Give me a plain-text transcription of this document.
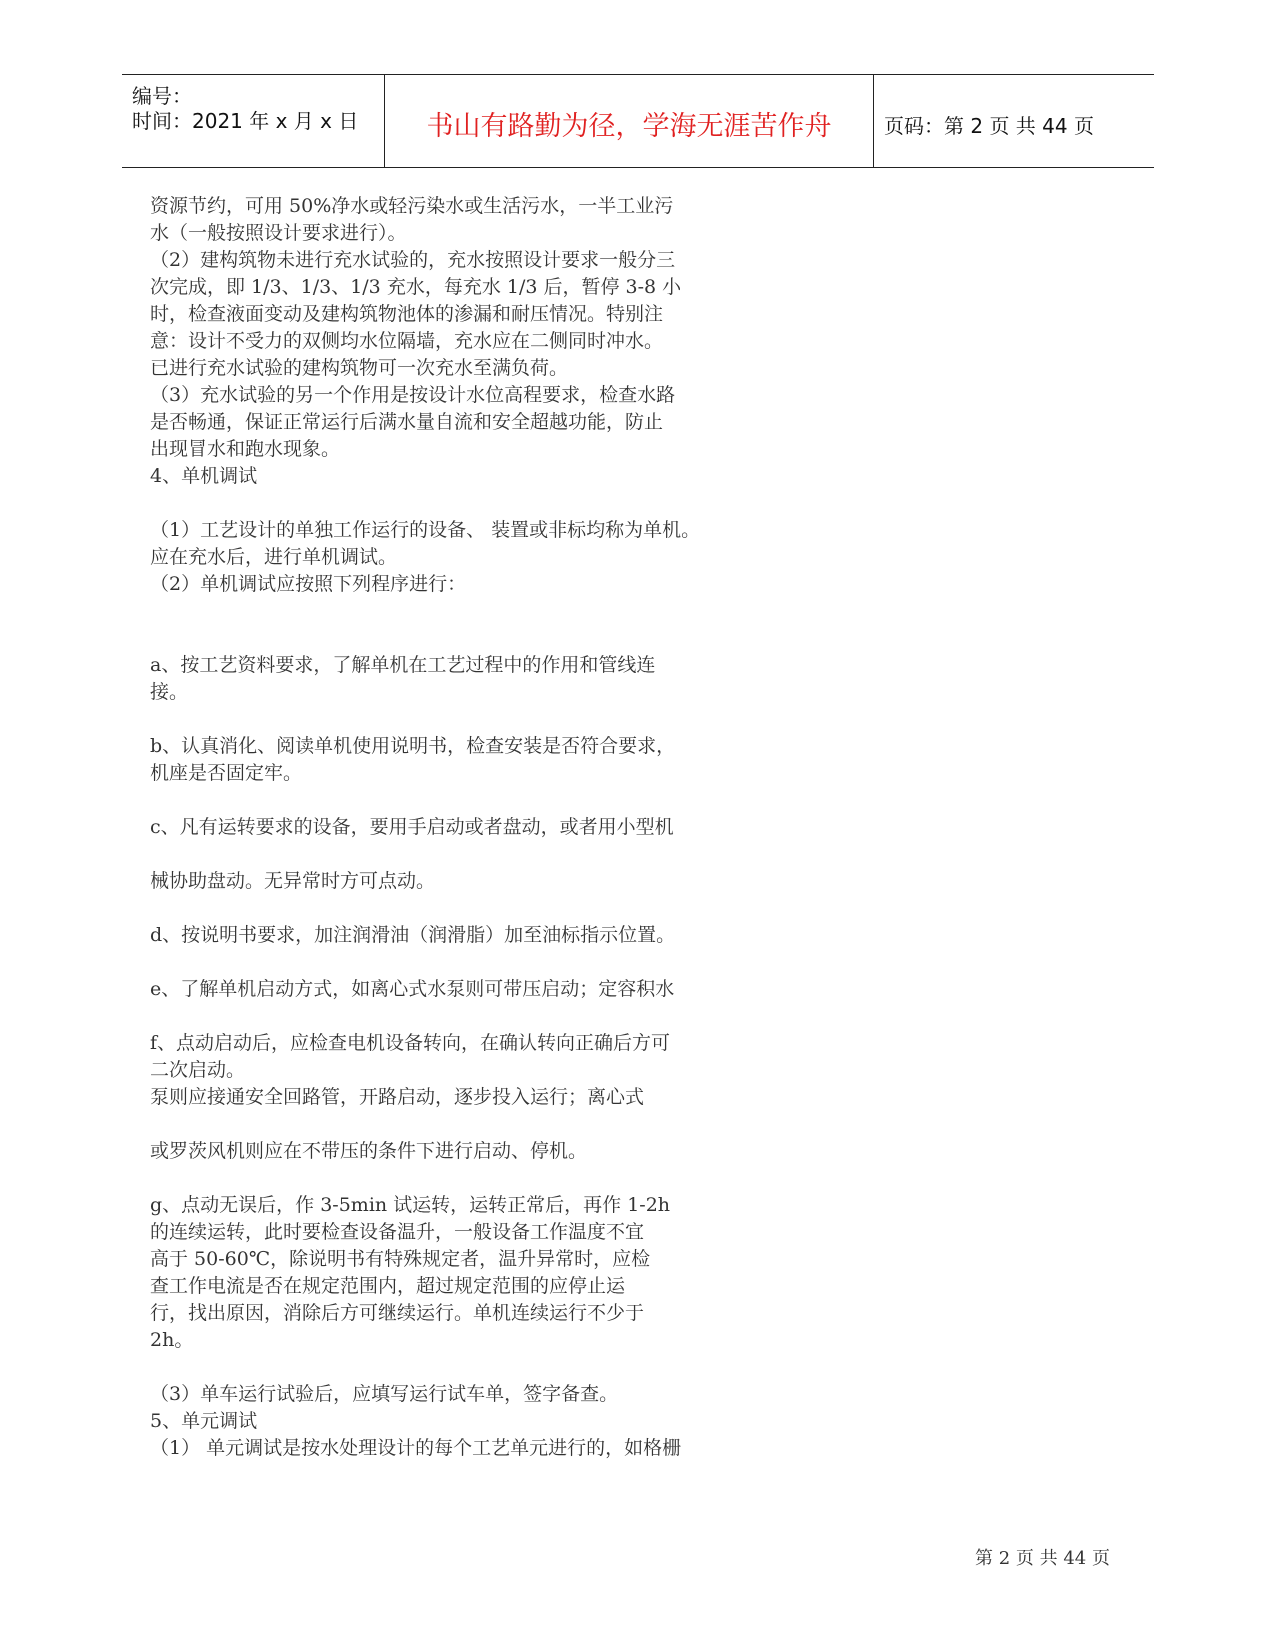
编号：
时间：2021 年 x 月 x 日	书山有路勤为径，学海无涯苦作舟	页码：第 2 页 共 44 页
资源节约，可用 50%净水或轻污染水或生活污水，一半工业污
水（一般按照设计要求进行）。
（2）建构筑物未进行充水试验的，充水按照设计要求一般分三
次完成，即 1/3、1/3、1/3 充水，每充水 1/3 后，暂停 3-8 小
时，检查液面变动及建构筑物池体的渗漏和耐压情况。特别注
意：设计不受力的双侧均水位隔墙，充水应在二侧同时冲水。
已进行充水试验的建构筑物可一次充水至满负荷。
（3）充水试验的另一个作用是按设计水位高程要求，检查水路
是否畅通，保证正常运行后满水量自流和安全超越功能，防止
出现冒水和跑水现象。
4、单机调试
（1）工艺设计的单独工作运行的设备、 装置或非标均称为单机。
应在充水后，进行单机调试。
（2）单机调试应按照下列程序进行：
a、按工艺资料要求，了解单机在工艺过程中的作用和管线连
接。
b、认真消化、阅读单机使用说明书，检查安装是否符合要求，
机座是否固定牢。
c、凡有运转要求的设备，要用手启动或者盘动，或者用小型机
械协助盘动。无异常时方可点动。
d、按说明书要求，加注润滑油（润滑脂）加至油标指示位置。
e、了解单机启动方式，如离心式水泵则可带压启动；定容积水
f、点动启动后，应检查电机设备转向，在确认转向正确后方可
二次启动。
泵则应接通安全回路管，开路启动，逐步投入运行；离心式
或罗茨风机则应在不带压的条件下进行启动、停机。
g、点动无误后，作 3-5min 试运转，运转正常后，再作 1-2h
的连续运转，此时要检查设备温升，一般设备工作温度不宜
高于 50-60℃，除说明书有特殊规定者，温升异常时，应检
查工作电流是否在规定范围内，超过规定范围的应停止运
行，找出原因，消除后方可继续运行。单机连续运行不少于
2h。
（3）单车运行试验后，应填写运行试车单，签字备查。
5、单元调试
（1） 单元调试是按水处理设计的每个工艺单元进行的，如格栅
第 2 页 共 44 页
